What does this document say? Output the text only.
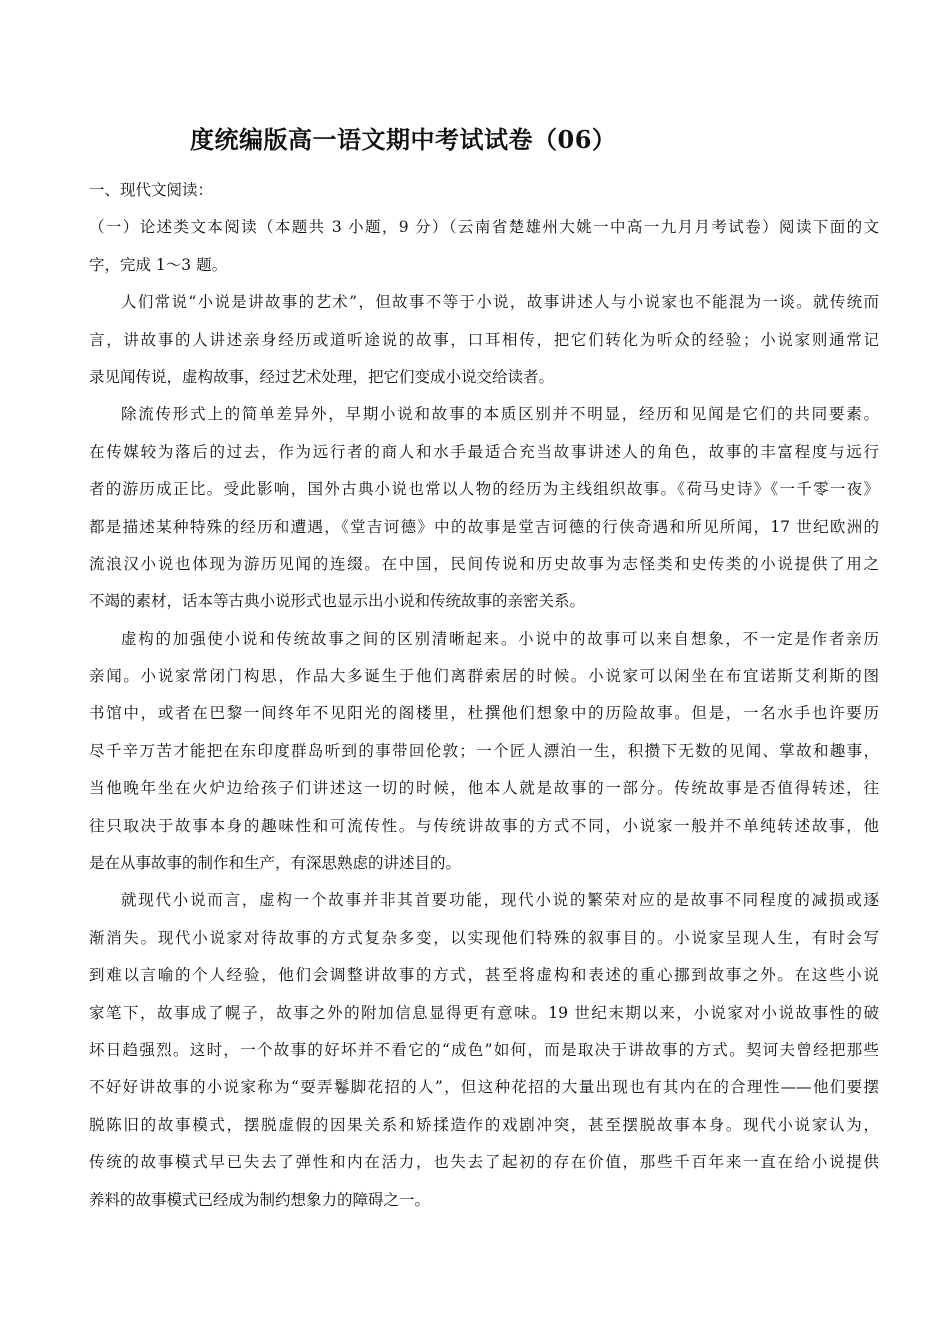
度统编版高一语文期中考试试卷（06）
一、现代文阅读：
（一）论述类文本阅读（本题共 3 小题，9 分）（云南省楚雄州大姚一中高一九月月考试卷）阅读下面的文
字，完成 1～3 题。
人们常说“小说是讲故事的艺术”，但故事不等于小说，故事讲述人与小说家也不能混为一谈。就传统而
言，讲故事的人讲述亲身经历或道听途说的故事，口耳相传，把它们转化为听众的经验；小说家则通常记
录见闻传说，虚构故事，经过艺术处理，把它们变成小说交给读者。
除流传形式上的简单差异外，早期小说和故事的本质区别并不明显，经历和见闻是它们的共同要素。
在传媒较为落后的过去，作为远行者的商人和水手最适合充当故事讲述人的角色，故事的丰富程度与远行
者的游历成正比。受此影响，国外古典小说也常以人物的经历为主线组织故事。《荷马史诗》《一千零一夜》
都是描述某种特殊的经历和遭遇，《堂吉诃德》中的故事是堂吉诃德的行侠奇遇和所见所闻，17 世纪欧洲的
流浪汉小说也体现为游历见闻的连缀。在中国，民间传说和历史故事为志怪类和史传类的小说提供了用之
不竭的素材，话本等古典小说形式也显示出小说和传统故事的亲密关系。
虚构的加强使小说和传统故事之间的区别清晰起来。小说中的故事可以来自想象，不一定是作者亲历
亲闻。小说家常闭门构思，作品大多诞生于他们离群索居的时候。小说家可以闲坐在布宜诺斯艾利斯的图
书馆中，或者在巴黎一间终年不见阳光的阁楼里，杜撰他们想象中的历险故事。但是，一名水手也许要历
尽千辛万苦才能把在东印度群岛听到的事带回伦敦；一个匠人漂泊一生，积攒下无数的见闻、掌故和趣事，
当他晚年坐在火炉边给孩子们讲述这一切的时候，他本人就是故事的一部分。传统故事是否值得转述，往
往只取决于故事本身的趣味性和可流传性。与传统讲故事的方式不同，小说家一般并不单纯转述故事，他
是在从事故事的制作和生产，有深思熟虑的讲述目的。
就现代小说而言，虚构一个故事并非其首要功能，现代小说的繁荣对应的是故事不同程度的减损或逐
渐消失。现代小说家对待故事的方式复杂多变，以实现他们特殊的叙事目的。小说家呈现人生，有时会写
到难以言喻的个人经验，他们会调整讲故事的方式，甚至将虚构和表述的重心挪到故事之外。在这些小说
家笔下，故事成了幌子，故事之外的附加信息显得更有意味。19 世纪末期以来，小说家对小说故事性的破
坏日趋强烈。这时，一个故事的好坏并不看它的“成色”如何，而是取决于讲故事的方式。契诃夫曾经把那些
不好好讲故事的小说家称为“耍弄鬈脚花招的人”，但这种花招的大量出现也有其内在的合理性——他们要摆
脱陈旧的故事模式，摆脱虚假的因果关系和矫揉造作的戏剧冲突，甚至摆脱故事本身。现代小说家认为，
传统的故事模式早已失去了弹性和内在活力，也失去了起初的存在价值，那些千百年来一直在给小说提供
养料的故事模式已经成为制约想象力的障碍之一。
